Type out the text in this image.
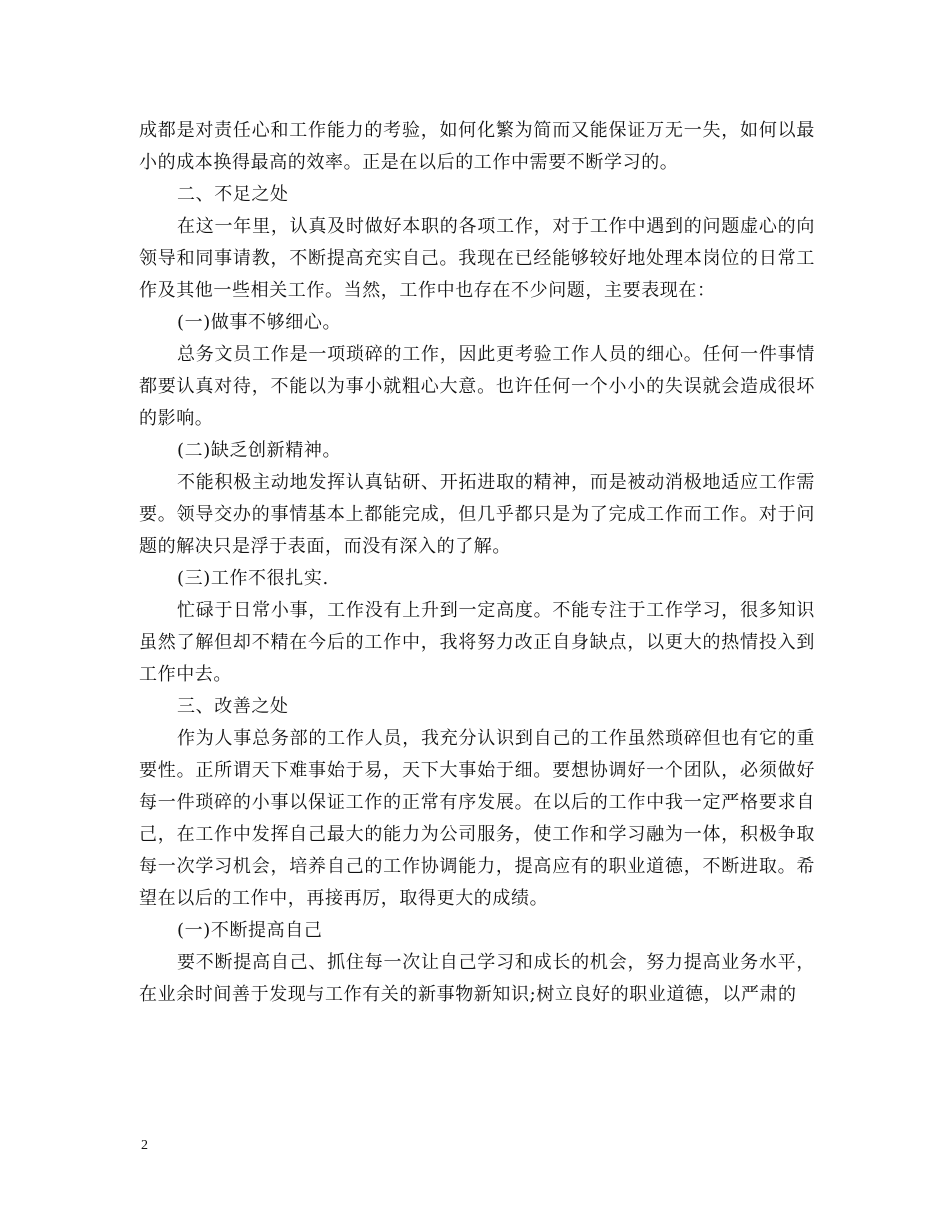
成都是对责任心和工作能力的考验，如何化繁为简而又能保证万无一失，如何以最小的成本换得最高的效率。正是在以后的工作中需要不断学习的。

二、不足之处

在这一年里，认真及时做好本职的各项工作，对于工作中遇到的问题虚心的向领导和同事请教，不断提高充实自己。我现在已经能够较好地处理本岗位的日常工作及其他一些相关工作。当然，工作中也存在不少问题，主要表现在：

(一)做事不够细心。

总务文员工作是一项琐碎的工作，因此更考验工作人员的细心。任何一件事情都要认真对待，不能以为事小就粗心大意。也许任何一个小小的失误就会造成很坏的影响。

(二)缺乏创新精神。

不能积极主动地发挥认真钻研、开拓进取的精神，而是被动消极地适应工作需要。领导交办的事情基本上都能完成，但几乎都只是为了完成工作而工作。对于问题的解决只是浮于表面，而没有深入的了解。

(三)工作不很扎实.

忙碌于日常小事，工作没有上升到一定高度。不能专注于工作学习，很多知识虽然了解但却不精在今后的工作中，我将努力改正自身缺点，以更大的热情投入到工作中去。

三、改善之处

作为人事总务部的工作人员，我充分认识到自己的工作虽然琐碎但也有它的重要性。正所谓天下难事始于易，天下大事始于细。要想协调好一个团队，必须做好每一件琐碎的小事以保证工作的正常有序发展。在以后的工作中我一定严格要求自己，在工作中发挥自己最大的能力为公司服务，使工作和学习融为一体，积极争取每一次学习机会，培养自己的工作协调能力，提高应有的职业道德，不断进取。希望在以后的工作中，再接再厉，取得更大的成绩。

(一)不断提高自己

要不断提高自己、抓住每一次让自己学习和成长的机会，努力提高业务水平，在业余时间善于发现与工作有关的新事物新知识;树立良好的职业道德，以严肃的

2
